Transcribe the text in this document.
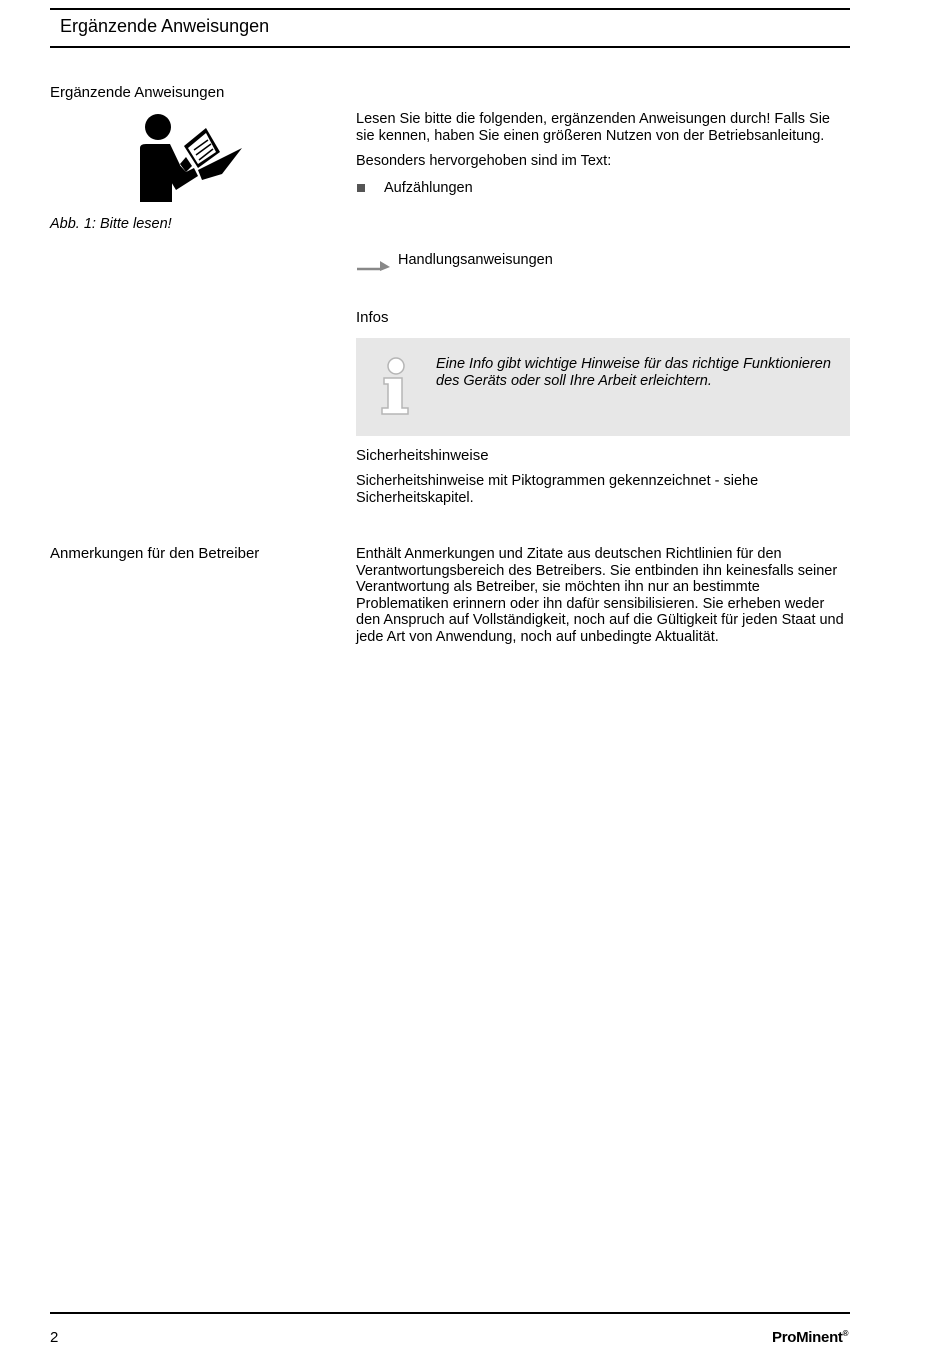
Ergänzende Anweisungen
Ergänzende Anweisungen
Abb. 1: Bitte lesen!
Lesen Sie bitte die folgenden, ergänzenden Anweisungen durch! Falls Sie sie kennen, haben Sie einen größeren Nutzen von der Betriebsanleitung.
Besonders hervorgehoben sind im Text:
Aufzählungen
Handlungsanweisungen
Infos
Eine Info gibt wichtige Hinweise für das richtige Funktionieren des Geräts oder soll Ihre Arbeit erleichtern.
Sicherheitshinweise
Sicherheitshinweise mit Piktogrammen gekennzeichnet - siehe Sicherheitskapitel.
Anmerkungen für den Betreiber	Enthält Anmerkungen und Zitate aus deutschen Richtlinien für den Verantwortungsbereich des Betreibers. Sie entbinden ihn keinesfalls seiner Verantwortung als Betreiber, sie möchten ihn nur an bestimmte Problematiken erinnern oder ihn dafür sensibilisieren. Sie erheben weder den Anspruch auf Vollständigkeit, noch auf die Gültigkeit für jeden Staat und jede Art von Anwendung, noch auf unbedingte Aktualität.
2	ProMinent®
